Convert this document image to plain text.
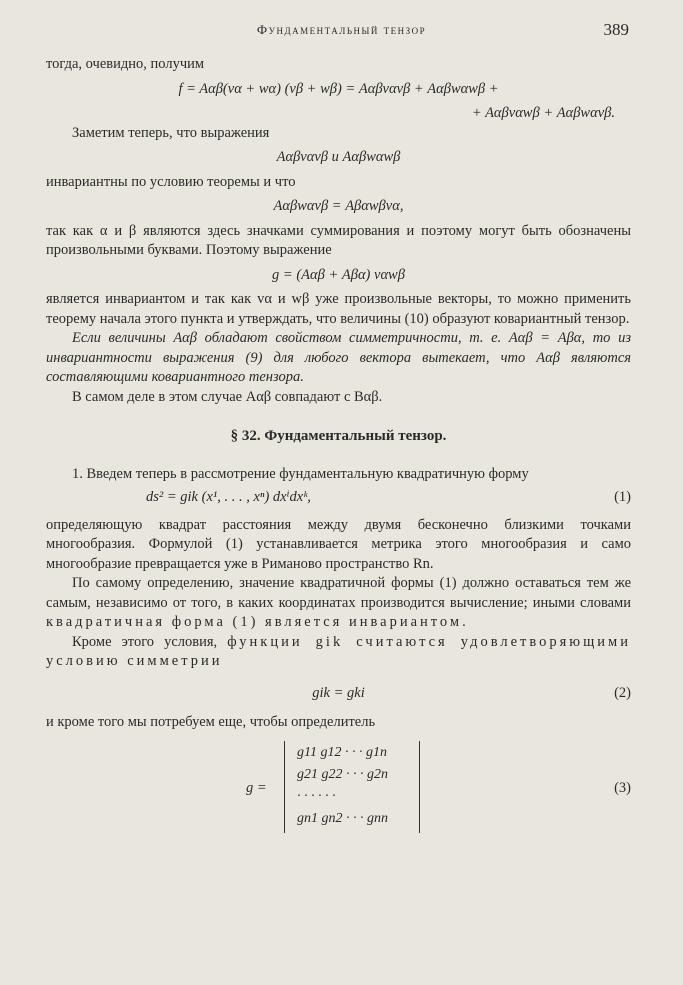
Фундаментальный тензор	389

тогда, очевидно, получим

f = Aαβ(vα + wα) (vβ + wβ) = Aαβvαvβ + Aαβwαwβ +
+ Aαβvαwβ + Aαβwαvβ.

Заметим теперь, что выражения

Aαβvαvβ и Aαβwαwβ

инвариантны по условию теоремы и что

Aαβwαvβ = Aβαwβvα,

так как α и β являются здесь значками суммирования и поэтому могут быть обозначены произвольными буквами. Поэтому выражение

g = (Aαβ + Aβα) vαwβ

является инвариантом и так как vα и wβ уже произвольные векторы, то можно применить теорему начала этого пункта и утверждать, что величины (10) образуют ковариантный тензор.

Если величины Aαβ обладают свойством симметричности, т. е. Aαβ = Aβα, то из инвариантности выражения (9) для любого вектора вытекает, что Aαβ являются составляющими ковариантного тензора.

В самом деле в этом случае Aαβ совпадают с Bαβ.

§ 32. Фундаментальный тензор.

1. Введем теперь в рассмотрение фундаментальную квадратичную форму

ds² = gik (x¹, . . . , xⁿ) dxⁱdxᵏ,	(1)

определяющую квадрат расстояния между двумя бесконечно близкими точками многообразия. Формулой (1) устанавливается метрика этого многообразия и само многообразие превращается уже в Риманово пространство Rn.

По самому определению, значение квадратичной формы (1) должно оставаться тем же самым, независимо от того, в каких координатах производится вычисление; иными словами квадратичная форма (1) является инвариантом.

Кроме этого условия, функции gik считаются удовлетворяющими условию симметрии

gik = gki	(2)

и кроме того мы потребуем еще, чтобы определитель

g =
g11 g12 · · · g1n
g21 g22 · · · g2n
· · · · · ·
gn1 gn2 · · · gnn
(3)
